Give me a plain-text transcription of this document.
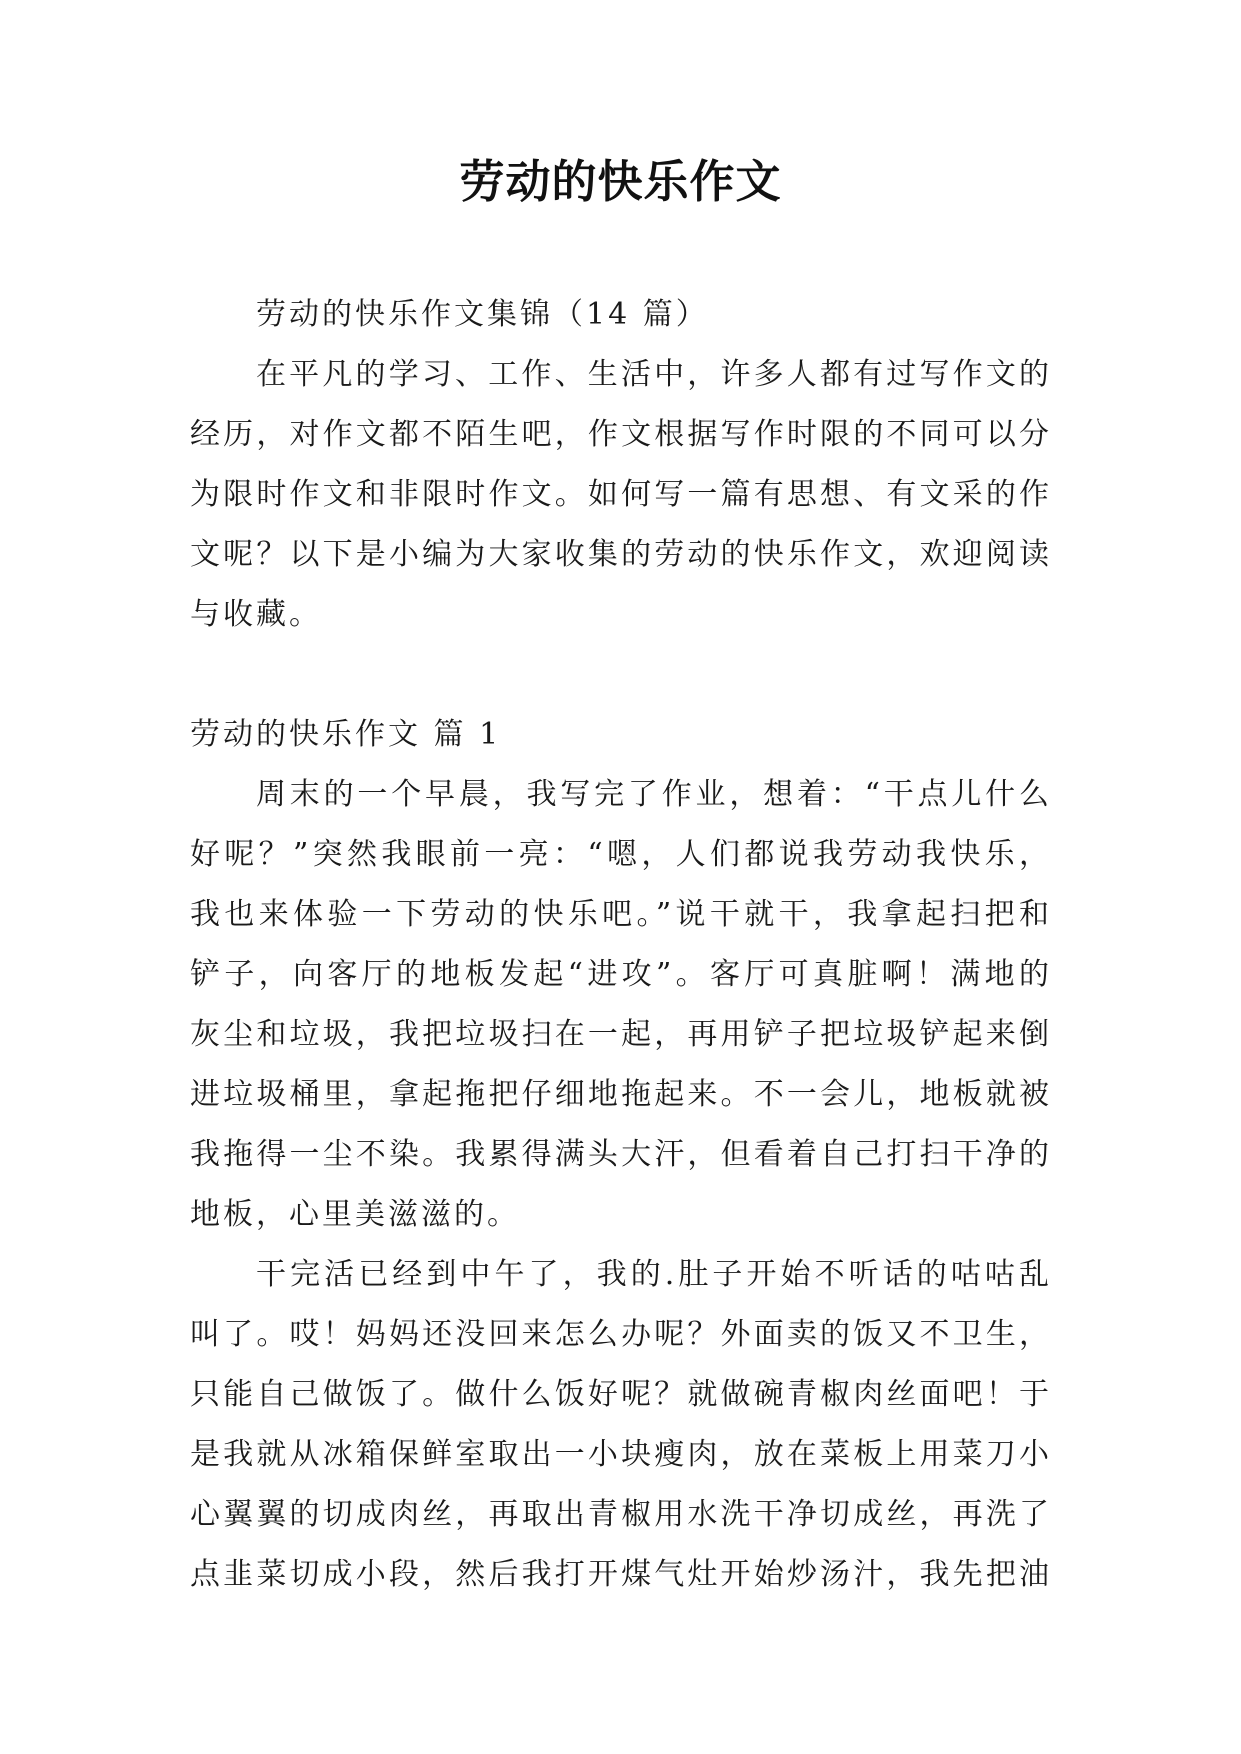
劳动的快乐作文
劳动的快乐作文集锦（14 篇）
在平凡的学习、工作、生活中，许多人都有过写作文的
经历，对作文都不陌生吧，作文根据写作时限的不同可以分
为限时作文和非限时作文。如何写一篇有思想、有文采的作
文呢？以下是小编为大家收集的劳动的快乐作文，欢迎阅读
与收藏。
劳动的快乐作文 篇 1
周末的一个早晨，我写完了作业，想着：“干点儿什么
好呢？”突然我眼前一亮：“嗯，人们都说我劳动我快乐，
我也来体验一下劳动的快乐吧。”说干就干，我拿起扫把和
铲子，向客厅的地板发起“进攻”。客厅可真脏啊！满地的
灰尘和垃圾，我把垃圾扫在一起，再用铲子把垃圾铲起来倒
进垃圾桶里，拿起拖把仔细地拖起来。不一会儿，地板就被
我拖得一尘不染。我累得满头大汗，但看着自己打扫干净的
地板，心里美滋滋的。
干完活已经到中午了，我的.肚子开始不听话的咕咕乱
叫了。哎！妈妈还没回来怎么办呢？外面卖的饭又不卫生，
只能自己做饭了。做什么饭好呢？就做碗青椒肉丝面吧！于
是我就从冰箱保鲜室取出一小块瘦肉，放在菜板上用菜刀小
心翼翼的切成肉丝，再取出青椒用水洗干净切成丝，再洗了
点韭菜切成小段，然后我打开煤气灶开始炒汤汁，我先把油
